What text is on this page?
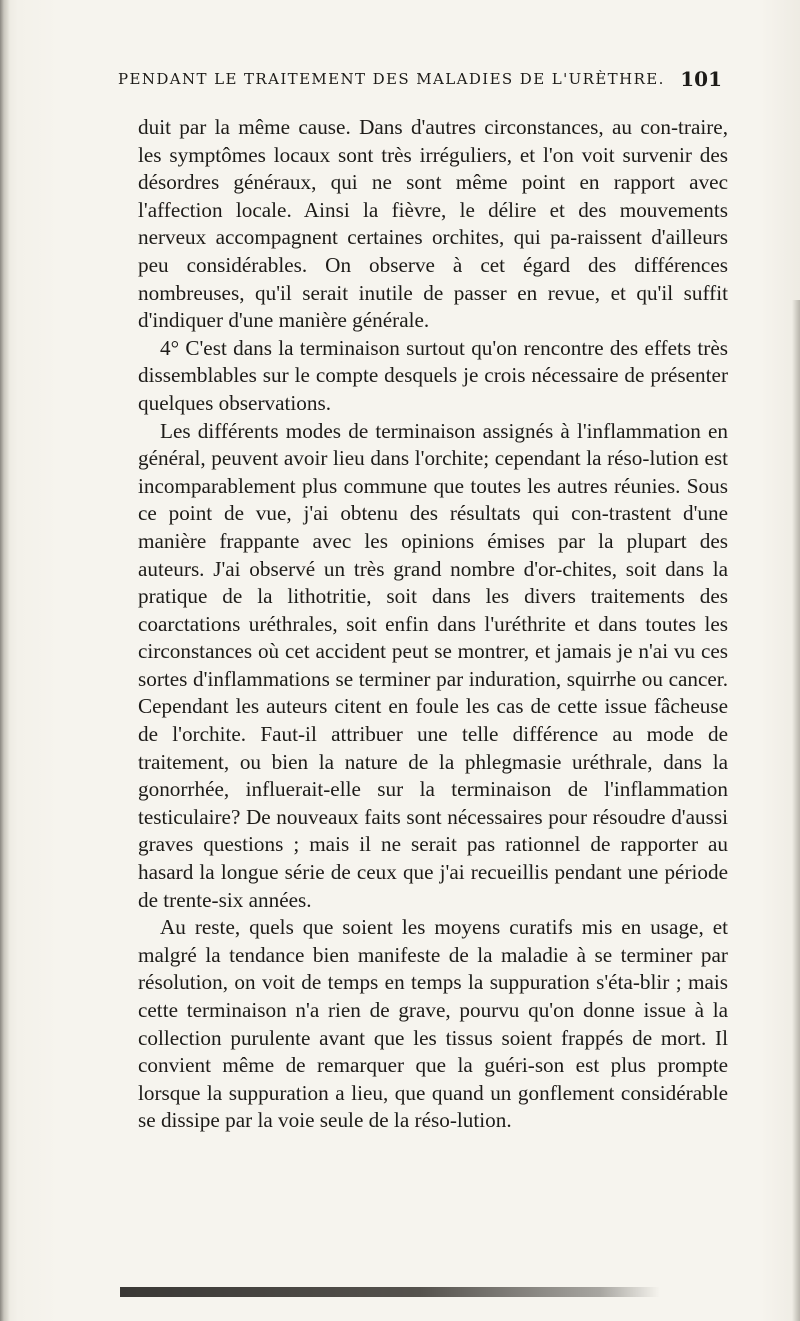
PENDANT LE TRAITEMENT DES MALADIES DE L'URÈTHRE. 101

duit par la même cause. Dans d'autres circonstances, au con-traire, les symptômes locaux sont très irréguliers, et l'on voit survenir des désordres généraux, qui ne sont même point en rapport avec l'affection locale. Ainsi la fièvre, le délire et des mouvements nerveux accompagnent certaines orchites, qui pa-raissent d'ailleurs peu considérables. On observe à cet égard des différences nombreuses, qu'il serait inutile de passer en revue, et qu'il suffit d'indiquer d'une manière générale.

4° C'est dans la terminaison surtout qu'on rencontre des effets très dissemblables sur le compte desquels je crois nécessaire de présenter quelques observations.

Les différents modes de terminaison assignés à l'inflammation en général, peuvent avoir lieu dans l'orchite; cependant la réso-lution est incomparablement plus commune que toutes les autres réunies. Sous ce point de vue, j'ai obtenu des résultats qui con-trastent d'une manière frappante avec les opinions émises par la plupart des auteurs. J'ai observé un très grand nombre d'or-chites, soit dans la pratique de la lithotritie, soit dans les divers traitements des coarctations uréthrales, soit enfin dans l'uréthrite et dans toutes les circonstances où cet accident peut se montrer, et jamais je n'ai vu ces sortes d'inflammations se terminer par induration, squirrhe ou cancer. Cependant les auteurs citent en foule les cas de cette issue fâcheuse de l'orchite. Faut-il attribuer une telle différence au mode de traitement, ou bien la nature de la phlegmasie uréthrale, dans la gonorrhée, influerait-elle sur la terminaison de l'inflammation testiculaire? De nouveaux faits sont nécessaires pour résoudre d'aussi graves questions ; mais il ne serait pas rationnel de rapporter au hasard la longue série de ceux que j'ai recueillis pendant une période de trente-six années.

Au reste, quels que soient les moyens curatifs mis en usage, et malgré la tendance bien manifeste de la maladie à se terminer par résolution, on voit de temps en temps la suppuration s'éta-blir ; mais cette terminaison n'a rien de grave, pourvu qu'on donne issue à la collection purulente avant que les tissus soient frappés de mort. Il convient même de remarquer que la guéri-son est plus prompte lorsque la suppuration a lieu, que quand un gonflement considérable se dissipe par la voie seule de la réso-lution.
